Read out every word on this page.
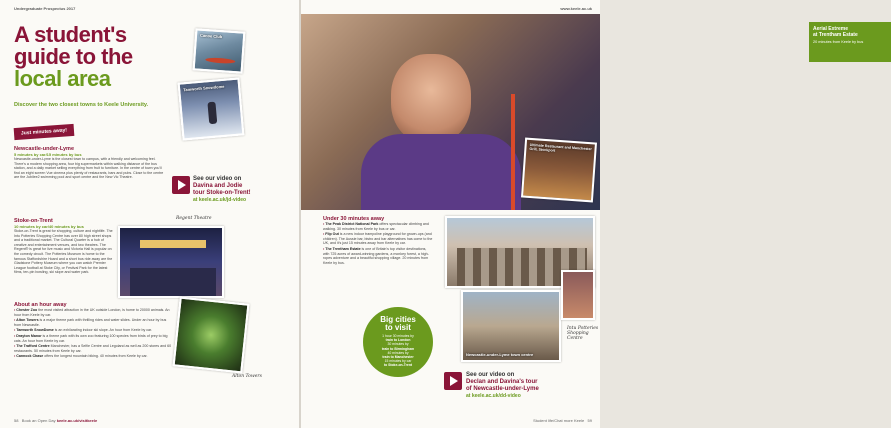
Undergraduate Prospectus 2017
A student's
guide to the
local area
Discover the two closest towns to Keele University.
Canoe Club
Tamworth Snowdome
Just minutes away!
Newcastle-under-Lyme
5 minutes by car/15 minutes by bus
Newcastle-under-Lyme is the closest town to campus, with a friendly and welcoming feel. There's a modern shopping area, four big supermarkets within walking distance of the bus station, and a daily market selling everything from fruit to furniture. In the centre of town you'll find an eight screen Vue cinema plus plenty of restaurants, bars and pubs. Close to the centre are the Jubilee2 swimming pool and sport centre and the New Vic Theatre.	See our video on
Davina and Jodie
tour Stoke-on-Trent!
at keele.ac.uk/jd-video
Stoke-on-Trent
10 minutes by car/40 minutes by bus
Stoke-on-Trent is great for shopping, culture and nightlife. The Intu Potteries Shopping Centre has over 80 high street shops and a traditional market. The Cultural Quarter is a hub of creative and entertainment venues, and two theatres. The Regent® is great for live music and Victoria Hall is popular on the comedy circuit. The Potteries Museum is home to the famous Staffordshire Hoard and a short bus ride away are the Gladstone Pottery Museum where you can watch Premier League football at Stoke City, or Festival Park for the latest films, ten-pin bowling, ski slope and water park.
Regent Theatre
Alton Towers
About an hour away
• Chester Zoo the most visited attraction in the UK outside London, is home to 20000 animals. An hour from Keele by car.
• Alton Towers is a major theme park with thrilling rides and water slides. Under an hour by bus from Newcastle.
• Tamworth SnowDome is an exhilarating indoor ski slope. An hour from Keele by car.
• Drayton Manor is a theme park with its own zoo featuring 100 species from birds of prey to big cats. An hour from Keele by car.
• The Trafford Centre Manchester, has a Selfie Centre and Legoland as well as 200 stores and 60 restaurants. 50 minutes from Keele by car.
• Cannock Chase offers the longest mountain biking. 40 minutes from Keele by car.
58 Book an Open Day keele.ac.uk/visitkeele
www.keele.ac.uk
Aerial Extreme
at Trentham Estate
20 minutes from Keele by bus
Ultimate Restaurant and Manchester Grill, Stockport
Under 30 minutes away
• The Peak District National Park offers spectacular climbing and walking. 30 minutes from Keele by bus or car.
• Flip Out is a new indoor trampoline playground for grown-ups (and children). The Aussie bar, bistro and bar alternatives has come to the UK, and it's just 15 minutes away from Keele by car.
• The Trentham Estate is one of Britain's top visitor destinations, with 725 acres of award-winning gardens, a monkey forest, a high-ropes adventure and a beautiful shopping village. 20 minutes from Keele by bus.
Newcastle-under-Lyme town centre
Intu Potteries Shopping Centre
Student life/Chat more Keele 59
Big cities
to visit
1 hour 30 minutes by
train to London
30 minutes by
train to Birmingham
40 minutes by
train to Manchester
15 minutes by car
to Stoke-on-Trent
See our video on
Declan and Davina's tour
of Newcastle-under-Lyme
at keele.ac.uk/dd-video
